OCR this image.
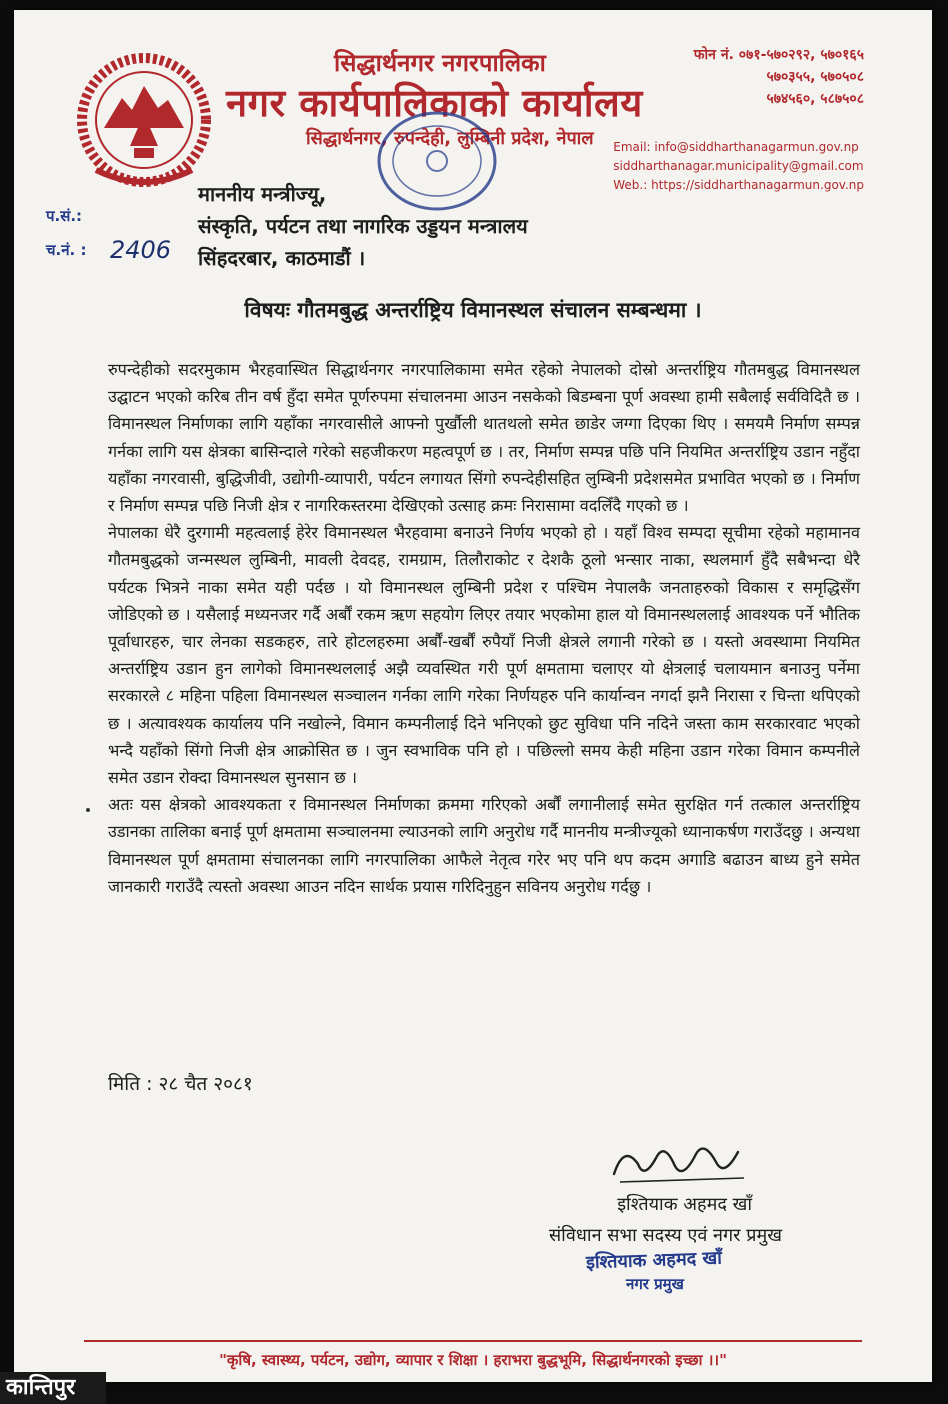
सिद्धार्थनगर नगरपालिका
नगर कार्यपालिकाको कार्यालय
सिद्धार्थनगर, रुपन्देही, लुम्बिनी प्रदेश, नेपाल
फोन नं. ०७१-५७०२९२, ५७०१६५
५७०३५५, ५७०५०८
५७४५६०, ५८७५०८
Email: info@siddharthanagarmun.gov.np
siddharthanagar.municipality@gmail.com
Web.: https://siddharthanagarmun.gov.np
प.सं.:
च.नं. : 2406
माननीय मन्त्रीज्यू,
संस्कृति, पर्यटन तथा नागरिक उड्डयन मन्त्रालय
सिंहदरबार, काठमाडौं ।
विषयः गौतमबुद्ध अन्तर्राष्ट्रिय विमानस्थल संचालन सम्बन्धमा ।

रुपन्देहीको सदरमुकाम भैरहवास्थित सिद्धार्थनगर नगरपालिकामा समेत रहेको नेपालको दोस्रो अन्तर्राष्ट्रिय गौतमबुद्ध विमानस्थल उद्घाटन भएको करिब तीन वर्ष हुँदा समेत पूर्णरुपमा संचालनमा आउन नसकेको बिडम्बना पूर्ण अवस्था हामी सबैलाई सर्वविदितै छ । विमानस्थल निर्माणका लागि यहाँका नगरवासीले आफ्नो पुर्खौली थातथलो समेत छाडेर जग्गा दिएका थिए । समयमै निर्माण सम्पन्न गर्नका लागि यस क्षेत्रका बासिन्दाले गरेको सहजीकरण महत्वपूर्ण छ । तर, निर्माण सम्पन्न पछि पनि नियमित अन्तर्राष्ट्रिय उडान नहुँदा यहाँका नगरवासी, बुद्धिजीवी, उद्योगी-व्यापारी, पर्यटन लगायत सिंगो रुपन्देहीसहित लुम्बिनी प्रदेशसमेत प्रभावित भएको छ । निर्माण र निर्माण सम्पन्न पछि निजी क्षेत्र र नागरिकस्तरमा देखिएको उत्साह क्रमः निरासामा वदलिँदै गएको छ ।

नेपालका धेरै दुरगामी महत्वलाई हेरेर विमानस्थल भैरहवामा बनाउने निर्णय भएको हो । यहाँ विश्व सम्पदा सूचीमा रहेको महामानव गौतमबुद्धको जन्मस्थल लुम्बिनी, मावली देवदह, रामग्राम, तिलौराकोट र देशकै ठूलो भन्सार नाका, स्थलमार्ग हुँदै सबैभन्दा धेरै पर्यटक भित्रने नाका समेत यही पर्दछ । यो विमानस्थल लुम्बिनी प्रदेश र पश्चिम नेपालकै जनताहरुको विकास र समृद्धिसँग जोडिएको छ । यसैलाई मध्यनजर गर्दै अर्बौं रकम ऋण सहयोग लिएर तयार भएकोमा हाल यो विमानस्थललाई आवश्यक पर्ने भौतिक पूर्वाधारहरु, चार लेनका सडकहरु, तारे होटलहरुमा अर्बौं-खर्बौं रुपैयाँ निजी क्षेत्रले लगानी गरेको छ । यस्तो अवस्थामा नियमित अन्तर्राष्ट्रिय उडान हुन लागेको विमानस्थललाई अझै व्यवस्थित गरी पूर्ण क्षमतामा चलाएर यो क्षेत्रलाई चलायमान बनाउनु पर्नेमा सरकारले ८ महिना पहिला विमानस्थल सञ्चालन गर्नका लागि गरेका निर्णयहरु पनि कार्यान्वन नगर्दा झनै निरासा र चिन्ता थपिएको छ । अत्यावश्यक कार्यालय पनि नखोल्ने, विमान कम्पनीलाई दिने भनिएको छुट सुविधा पनि नदिने जस्ता काम सरकारवाट भएको भन्दै यहाँको सिंगो निजी क्षेत्र आक्रोसित छ । जुन स्वभाविक पनि हो । पछिल्लो समय केही महिना उडान गरेका विमान कम्पनीले समेत उडान रोक्दा विमानस्थल सुनसान छ ।

अतः यस क्षेत्रको आवश्यकता र विमानस्थल निर्माणका क्रममा गरिएको अर्बौं लगानीलाई समेत सुरक्षित गर्न तत्काल अन्तर्राष्ट्रिय उडानका तालिका बनाई पूर्ण क्षमतामा सञ्चालनमा ल्याउनको लागि अनुरोध गर्दै माननीय मन्त्रीज्यूको ध्यानाकर्षण गराउँदछु । अन्यथा विमानस्थल पूर्ण क्षमतामा संचालनका लागि नगरपालिका आफैले नेतृत्व गरेर भए पनि थप कदम अगाडि बढाउन बाध्य हुने समेत जानकारी गराउँदै त्यस्तो अवस्था आउन नदिन सार्थक प्रयास गरिदिनुहुन सविनय अनुरोध गर्दछु ।

मिति : २८ चैत २०८१
इश्तियाक अहमद खाँ
संविधान सभा सदस्य एवं नगर प्रमुख
इश्तियाक अहमद खाँ
नगर प्रमुख
"कृषि, स्वास्थ्य, पर्यटन, उद्योग, व्यापार र शिक्षा । हराभरा बुद्धभूमि, सिद्धार्थनगरको इच्छा ।।"
कान्तिपुर
